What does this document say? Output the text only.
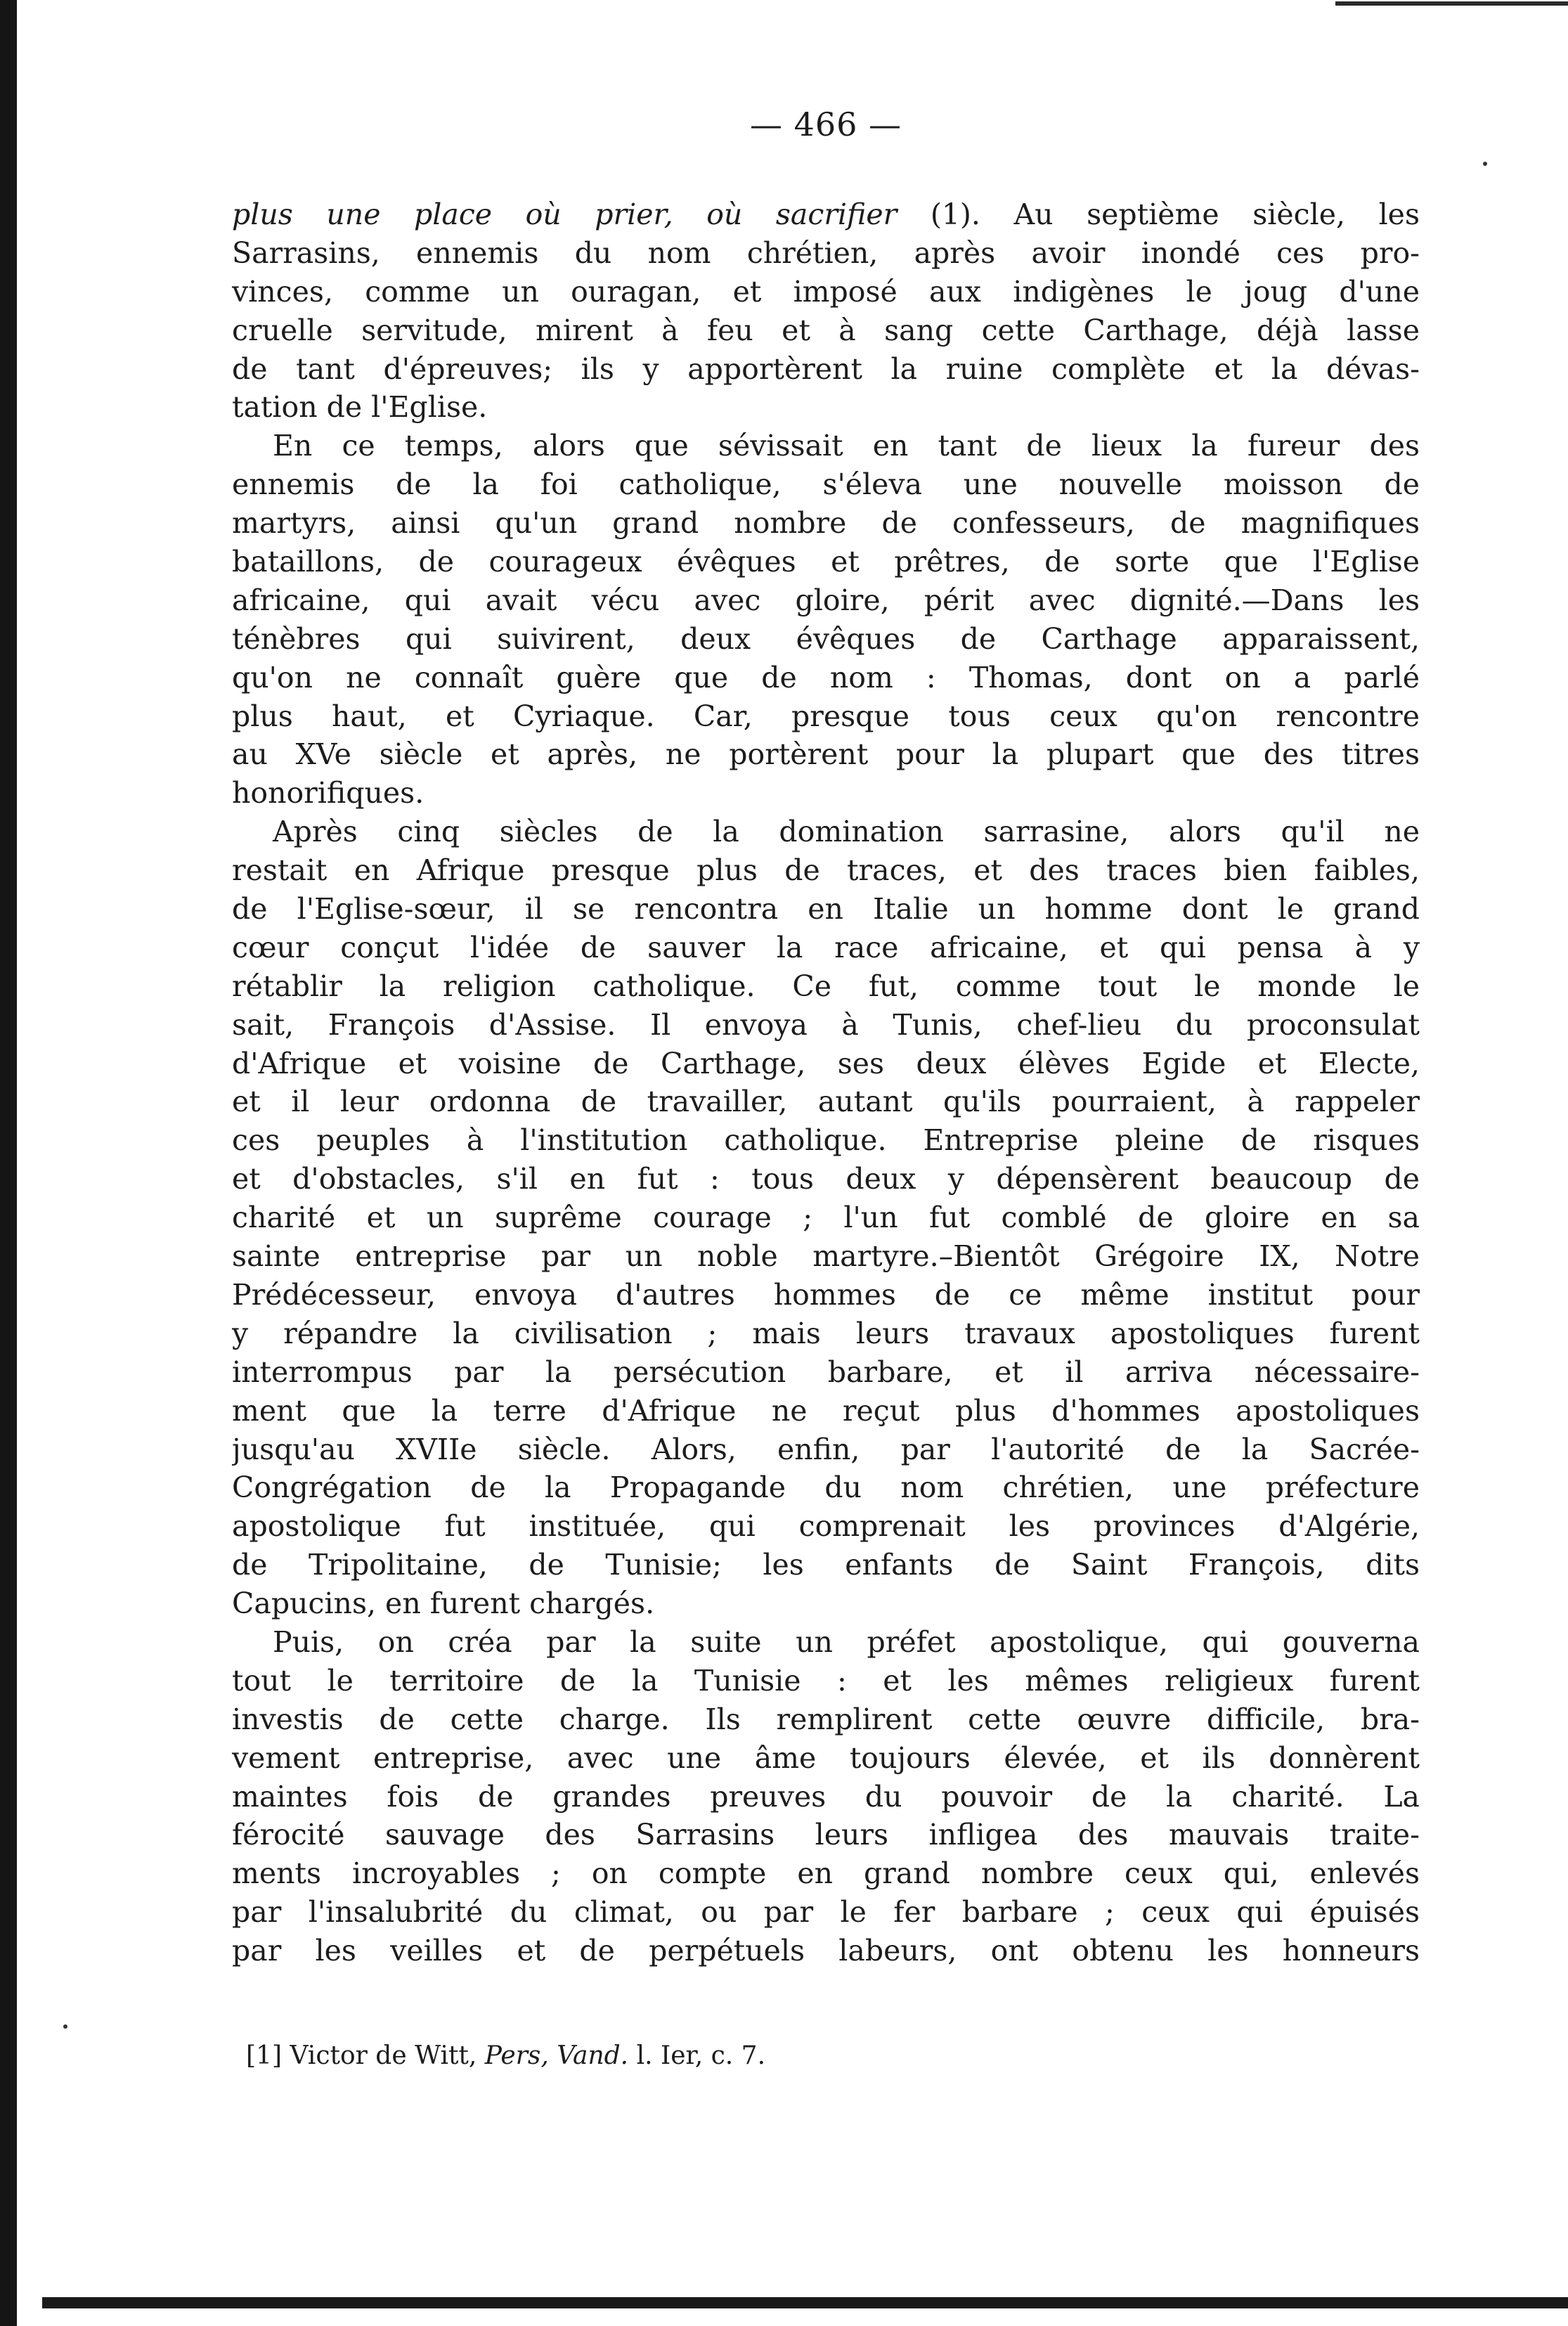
— 466 —
plus une place où prier, où sacrifier (1). Au septième siècle, les
Sarrasins, ennemis du nom chrétien, après avoir inondé ces pro-
vinces, comme un ouragan, et imposé aux indigènes le joug d'une
cruelle servitude, mirent à feu et à sang cette Carthage, déjà lasse
de tant d'épreuves; ils y apportèrent la ruine complète et la dévas-
tation de l'Eglise.
En ce temps, alors que sévissait en tant de lieux la fureur des
ennemis de la foi catholique, s'éleva une nouvelle moisson de
martyrs, ainsi qu'un grand nombre de confesseurs, de magnifiques
bataillons, de courageux évêques et prêtres, de sorte que l'Eglise
africaine, qui avait vécu avec gloire, périt avec dignité.—Dans les
ténèbres qui suivirent, deux évêques de Carthage apparaissent,
qu'on ne connaît guère que de nom : Thomas, dont on a parlé
plus haut, et Cyriaque. Car, presque tous ceux qu'on rencontre
au XVe siècle et après, ne portèrent pour la plupart que des titres
honorifiques.
Après cinq siècles de la domination sarrasine, alors qu'il ne
restait en Afrique presque plus de traces, et des traces bien faibles,
de l'Eglise-sœur, il se rencontra en Italie un homme dont le grand
cœur conçut l'idée de sauver la race africaine, et qui pensa à y
rétablir la religion catholique. Ce fut, comme tout le monde le
sait, François d'Assise. Il envoya à Tunis, chef-lieu du proconsulat
d'Afrique et voisine de Carthage, ses deux élèves Egide et Electe,
et il leur ordonna de travailler, autant qu'ils pourraient, à rappeler
ces peuples à l'institution catholique. Entreprise pleine de risques
et d'obstacles, s'il en fut : tous deux y dépensèrent beaucoup de
charité et un suprême courage ; l'un fut comblé de gloire en sa
sainte entreprise par un noble martyre.–Bientôt Grégoire IX, Notre
Prédécesseur, envoya d'autres hommes de ce même institut pour
y répandre la civilisation ; mais leurs travaux apostoliques furent
interrompus par la persécution barbare, et il arriva nécessaire-
ment que la terre d'Afrique ne reçut plus d'hommes apostoliques
jusqu'au XVIIe siècle. Alors, enfin, par l'autorité de la Sacrée-
Congrégation de la Propagande du nom chrétien, une préfecture
apostolique fut instituée, qui comprenait les provinces d'Algérie,
de Tripolitaine, de Tunisie; les enfants de Saint François, dits
Capucins, en furent chargés.
Puis, on créa par la suite un préfet apostolique, qui gouverna
tout le territoire de la Tunisie : et les mêmes religieux furent
investis de cette charge. Ils remplirent cette œuvre difficile, bra-
vement entreprise, avec une âme toujours élevée, et ils donnèrent
maintes fois de grandes preuves du pouvoir de la charité. La
férocité sauvage des Sarrasins leurs infligea des mauvais traite-
ments incroyables ; on compte en grand nombre ceux qui, enlevés
par l'insalubrité du climat, ou par le fer barbare ; ceux qui épuisés
par les veilles et de perpétuels labeurs, ont obtenu les honneurs
[1] Victor de Witt, Pers, Vand. l. Ier, c. 7.
